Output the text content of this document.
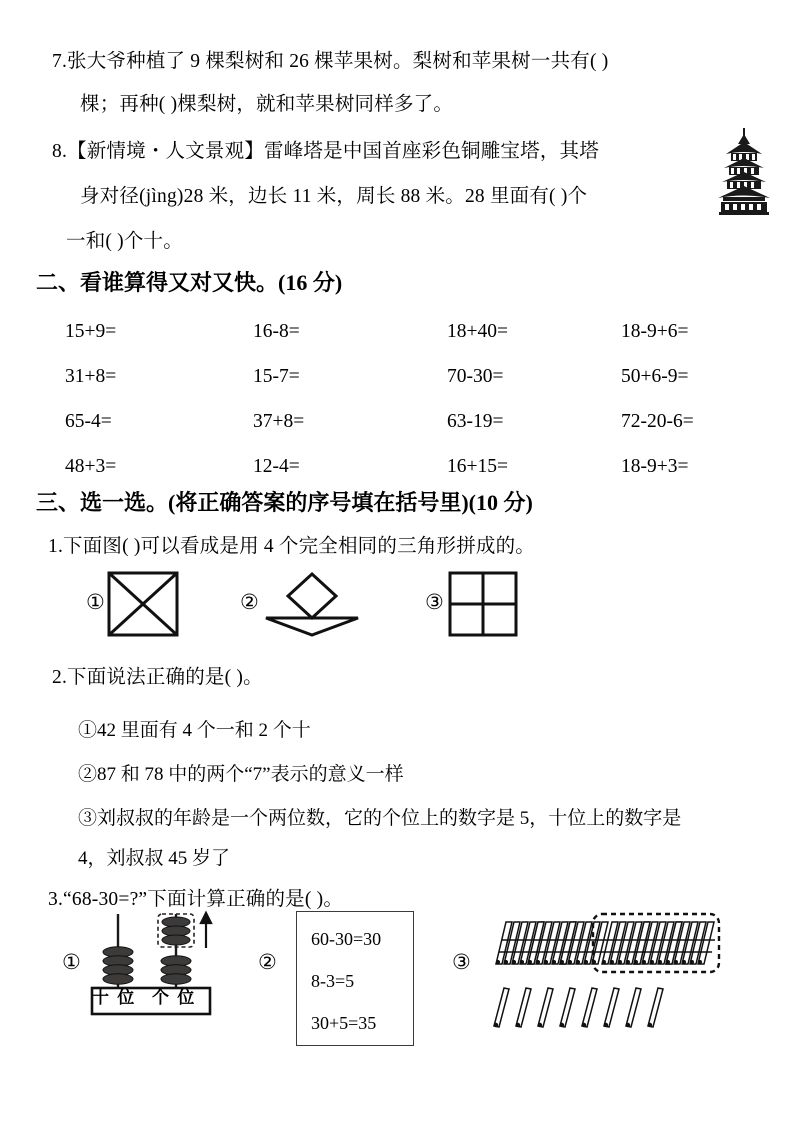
7.张大爷种植了 9 棵梨树和 26 棵苹果树。梨树和苹果树一共有( )
棵；再种( )棵梨树，就和苹果树同样多了。
8.【新情境・人文景观】雷峰塔是中国首座彩色铜雕宝塔，其塔
身对径(jìng)28 米，边长 11 米，周长 88 米。28 里面有( )个
一和( )个十。
二、看谁算得又对又快。(16 分)
15+9=	16-8=	18+40=	18-9+6=
31+8=	15-7=	70-30=	50+6-9=
65-4=	37+8=	63-19=	72-20-6=
48+3=	12-4=	16+15=	18-9+3=
三、选一选。(将正确答案的序号填在括号里)(10 分)
1.下面图( )可以看成是用 4 个完全相同的三角形拼成的。
①	②	③
2.下面说法正确的是( )。
①42 里面有 4 个一和 2 个十
②87 和 78 中的两个“7”表示的意义一样
③刘叔叔的年龄是一个两位数，它的个位上的数字是 5，十位上的数字是
4，刘叔叔 45 岁了
3.“68-30=?”下面计算正确的是( )。
①
十 位 个 位
②
60-30=30
8-3=5
30+5=35
③
